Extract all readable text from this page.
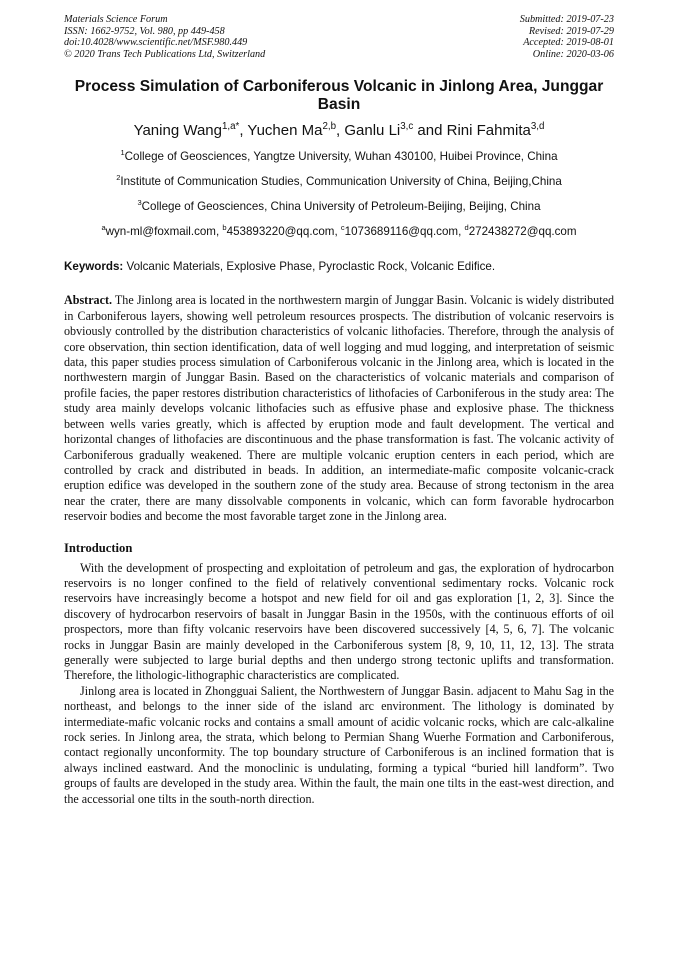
Materials Science Forum
ISSN: 1662-9752, Vol. 980, pp 449-458
doi:10.4028/www.scientific.net/MSF.980.449
© 2020 Trans Tech Publications Ltd, Switzerland
Submitted: 2019-07-23
Revised: 2019-07-29
Accepted: 2019-08-01
Online: 2020-03-06
Process Simulation of Carboniferous Volcanic in Jinlong Area, Junggar Basin
Yaning Wang$^{1,a*}$, Yuchen Ma$^{2,b}$, Ganlu Li$^{3,c}$ and Rini Fahmita$^{3,d}$
$^1$College of Geosciences, Yangtze University, Wuhan 430100, Huibei Province, China
$^2$Institute of Communication Studies, Communication University of China, Beijing,China
$^3$College of Geosciences, China University of Petroleum-Beijing, Beijing, China
$^a$wyn-ml@foxmail.com, $^b$453893220@qq.com, $^c$1073689116@qq.com, $^d$272438272@qq.com
Keywords: Volcanic Materials, Explosive Phase, Pyroclastic Rock, Volcanic Edifice.
Abstract. The Jinlong area is located in the northwestern margin of Junggar Basin. Volcanic is widely distributed in Carboniferous layers, showing well petroleum resources prospects. The distribution of volcanic reservoirs is obviously controlled by the distribution characteristics of volcanic lithofacies. Therefore, through the analysis of core observation, thin section identification, data of well logging and mud logging, and interpretation of seismic data, this paper studies process simulation of Carboniferous volcanic in the Jinlong area, which is located in the northwestern margin of Junggar Basin. Based on the characteristics of volcanic materials and comparison of profile facies, the paper restores distribution characteristics of lithofacies of Carboniferous in the study area: The study area mainly develops volcanic lithofacies such as effusive phase and explosive phase. The thickness between wells varies greatly, which is affected by eruption mode and fault development. The vertical and horizontal changes of lithofacies are discontinuous and the phase transformation is fast. The volcanic activity of Carboniferous gradually weakened. There are multiple volcanic eruption centers in each period, which are controlled by crack and distributed in beads. In addition, an intermediate-mafic composite volcanic-crack eruption edifice was developed in the southern zone of the study area. Because of strong tectonism in the area near the crater, there are many dissolvable components in volcanic, which can form favorable hydrocarbon reservoir bodies and become the most favorable target zone in the Jinlong area.
Introduction

With the development of prospecting and exploitation of petroleum and gas, the exploration of hydrocarbon reservoirs is no longer confined to the field of relatively conventional sedimentary rocks. Volcanic rock reservoirs have increasingly become a hotspot and new field for oil and gas exploration [1, 2, 3]. Since the discovery of hydrocarbon reservoirs of basalt in Junggar Basin in the 1950s, with the continuous efforts of oil prospectors, more than fifty volcanic reservoirs have been discovered successively [4, 5, 6, 7]. The volcanic rocks in Junggar Basin are mainly developed in the Carboniferous system [8, 9, 10, 11, 12, 13]. The strata generally were subjected to large burial depths and then undergo strong tectonic uplifts and transformation. Therefore, the lithologic-lithographic characteristics are complicated.

Jinlong area is located in Zhongguai Salient, the Northwestern of Junggar Basin. adjacent to Mahu Sag in the northeast, and belongs to the inner side of the island arc environment. The lithology is dominated by intermediate-mafic volcanic rocks and contains a small amount of acidic volcanic rocks, which are calc-alkaline rock series. In Jinlong area, the strata, which belong to Permian Shang Wuerhe Formation and Carboniferous, contact regionally unconformity. The top boundary structure of Carboniferous is an inclined formation that is always inclined eastward. And the monoclinic is undulating, forming a typical “buried hill landform”. Two groups of faults are developed in the study area. Within the fault, the main one tilts in the east-west direction, and the accessorial one tilts in the south-north direction.
